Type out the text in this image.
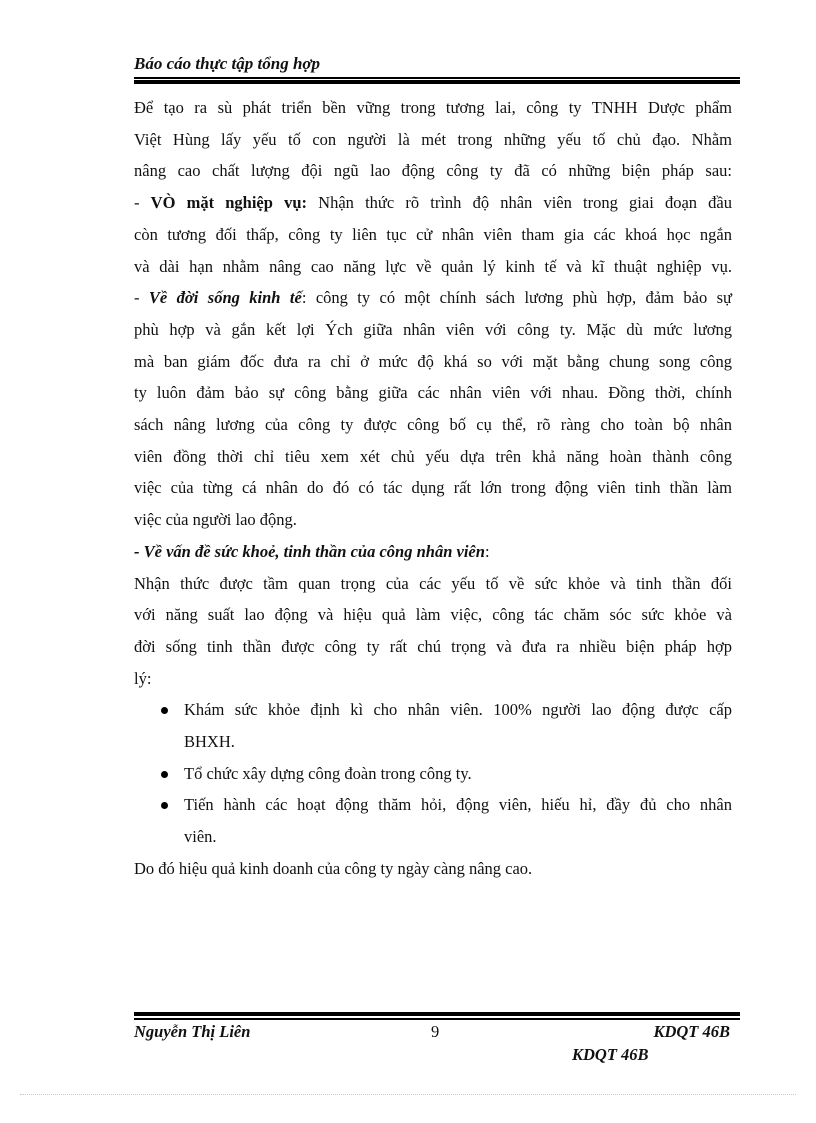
Báo cáo thực tập tổng hợp

Để tạo ra sù phát triển bền vững trong tương lai, công ty TNHH Dược phẩm

Việt Hùng lấy yếu tố con người là mét trong những yếu tố chủ đạo. Nhằm

nâng cao chất lượng đội ngũ lao động công ty đã có những biện pháp sau:

- VÒ mặt nghiệp vụ: Nhận thức rõ trình độ nhân viên trong giai đoạn đầu

còn tương đối thấp, công ty liên tục cử nhân viên tham gia các khoá học ngắn

và dài hạn nhằm nâng cao năng lực về quản lý kinh tế và kĩ thuật nghiệp vụ.

- Về đời sống kinh tế: công ty có một chính sách lương phù hợp, đảm bảo sự

phù hợp và gắn kết lợi Ých giữa nhân viên với công ty. Mặc dù mức lương

mà ban giám đốc đưa ra chỉ ở mức độ khá so với mặt bằng chung song công

ty luôn đảm bảo sự công bằng giữa các nhân viên với nhau. Đồng thời, chính

sách nâng lương của công ty được công bố cụ thể, rõ ràng cho toàn bộ nhân

viên đồng thời chỉ tiêu xem xét chủ yếu dựa trên khả năng hoàn thành công

việc của từng cá nhân do đó có tác dụng rất lớn trong động viên tinh thần làm

việc của người lao động.

- Về vấn đề sức khoẻ, tinh thần của công nhân viên:

Nhận thức được tầm quan trọng của các yếu tố về sức khỏe và tinh thần đối

với năng suất lao động và hiệu quả làm việc, công tác chăm sóc sức khỏe và

đời sống tinh thần được công ty rất chú trọng và đưa ra nhiều biện pháp hợp

lý:

Khám sức khỏe định kì cho nhân viên. 100% người lao động được cấp
BHXH.
Tổ chức xây dựng công đoàn trong công ty.
Tiến hành các hoạt động thăm hỏi, động viên, hiếu hỉ, đầy đủ cho nhân
viên.

Do đó hiệu quả kinh doanh của công ty ngày càng nâng cao.

Nguyễn Thị Liên	9	KDQT 46B
KDQT 46B
